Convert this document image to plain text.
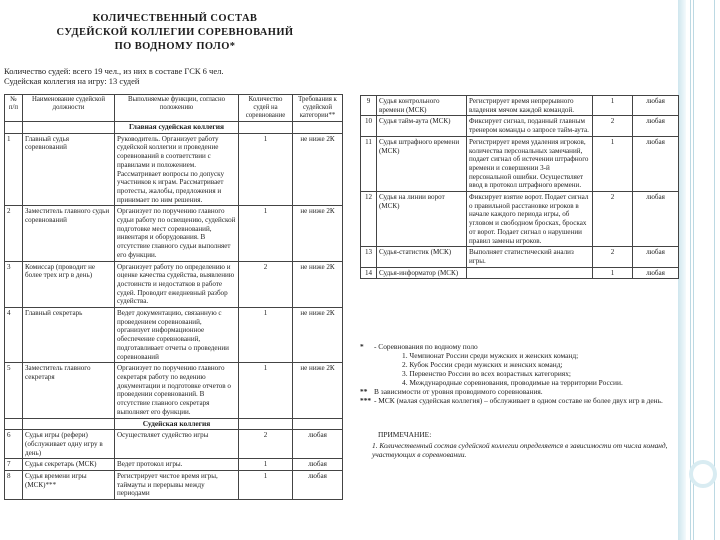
КОЛИЧЕСТВЕННЫЙ СОСТАВ
СУДЕЙСКОЙ КОЛЛЕГИИ СОРЕВНОВАНИЙ
ПО ВОДНОМУ ПОЛО*
Количество судей: всего 19 чел., из них в составе ГСК 6 чел.
Судейская коллегия на игру: 13 судей
№ п/п	Наименование судейской должности	Выполняемые функции, согласно положению	Количество судей на соревнование	Требования к судейской категории**
		Главная судейская коллегия		
1	Главный судья соревнований	Руководитель. Организует работу судейской коллегии и проведение соревнований в соответствии с правилами и положением. Рассматривает вопросы по допуску участников к играм. Рассматривает протесты, жалобы, предложения и принимает по ним решения.	1	не ниже 2К
2	Заместитель главного судьи соревнований	Организует по поручению главного судьи работу по освещению, судейской подготовке мест соревнований, инвентаря и оборудования. В отсутствие главного судьи выполняет его функции.	1	не ниже 2К
3	Комиссар (проводит не более трех игр в день)	Организует работу по определению и оценке качества судейства, выявлению достоинств и недостатков в работе судей. Проводит ежедневный разбор судейства.	2	не ниже 2К
4	Главный секретарь	Ведет документацию, связанную с проведением соревнований, организует информационное обеспечение соревнований, подготавливает отчеты о проведении соревнований	1	не ниже 2К
5	Заместитель главного секретаря	Организует по поручению главного секретаря работу по ведению документации и подготовке отчетов о проведении соревнований. В отсутствие главного секретаря выполняет его функции.	1	не ниже 2К
		Судейская коллегия		
6	Судья игры (рефери) (обслуживает одну игру в день)	Осуществляет судейство игры	2	любая
7	Судья секретарь (МСК)	Ведет протокол игры.	1	любая
8	Судья времени игры (МСК)***	Регистрирует чистое время игры, таймауты и перерывы между периодами	1	любая
9	Судья контрольного времени (МСК)	Регистрирует время непрерывного владения мячом каждой командой.	1	любая
10	Судья тайм-аута (МСК)	Фиксирует сигнал, поданный главным тренером команды о запросе тайм-аута.	2	любая
11	Судья штрафного времени (МСК)	Регистрирует время удаления игроков, количества персональных замечаний, подает сигнал об истечении штрафного времени и совершении 3-й персональной ошибки. Осуществляет ввод в протокол штрафного времени.	1	любая
12	Судья на линии ворот (МСК)	Фиксирует взятие ворот. Подает сигнал о правильной расстановке игроков в начале каждого периода игры, об угловом и свободном бросках, бросках от ворот. Подает сигнал о нарушении правил замены игроков.	2	любая
13	Судья-статистик (МСК)	Выполняет статистический анализ игры.	2	любая
14	Судья-информатор (МСК)		1	любая
*	- Соревнования по водному поло
1. Чемпионат России среди мужских и женских команд;
2. Кубок России среди мужских и женских команд;
3. Первенство России во всех возрастных категориях;
4. Международные соревнования, проводимые на территории России.
** В зависимости от уровня проводимого соревнования.
*** - МСК (малая судейская коллегия) – обслуживает в одном составе не более двух игр в день.
ПРИМЕЧАНИЕ:
1. Количественный состав судейской коллегии определяется в зависимости от числа команд, участвующих в соревновании.
